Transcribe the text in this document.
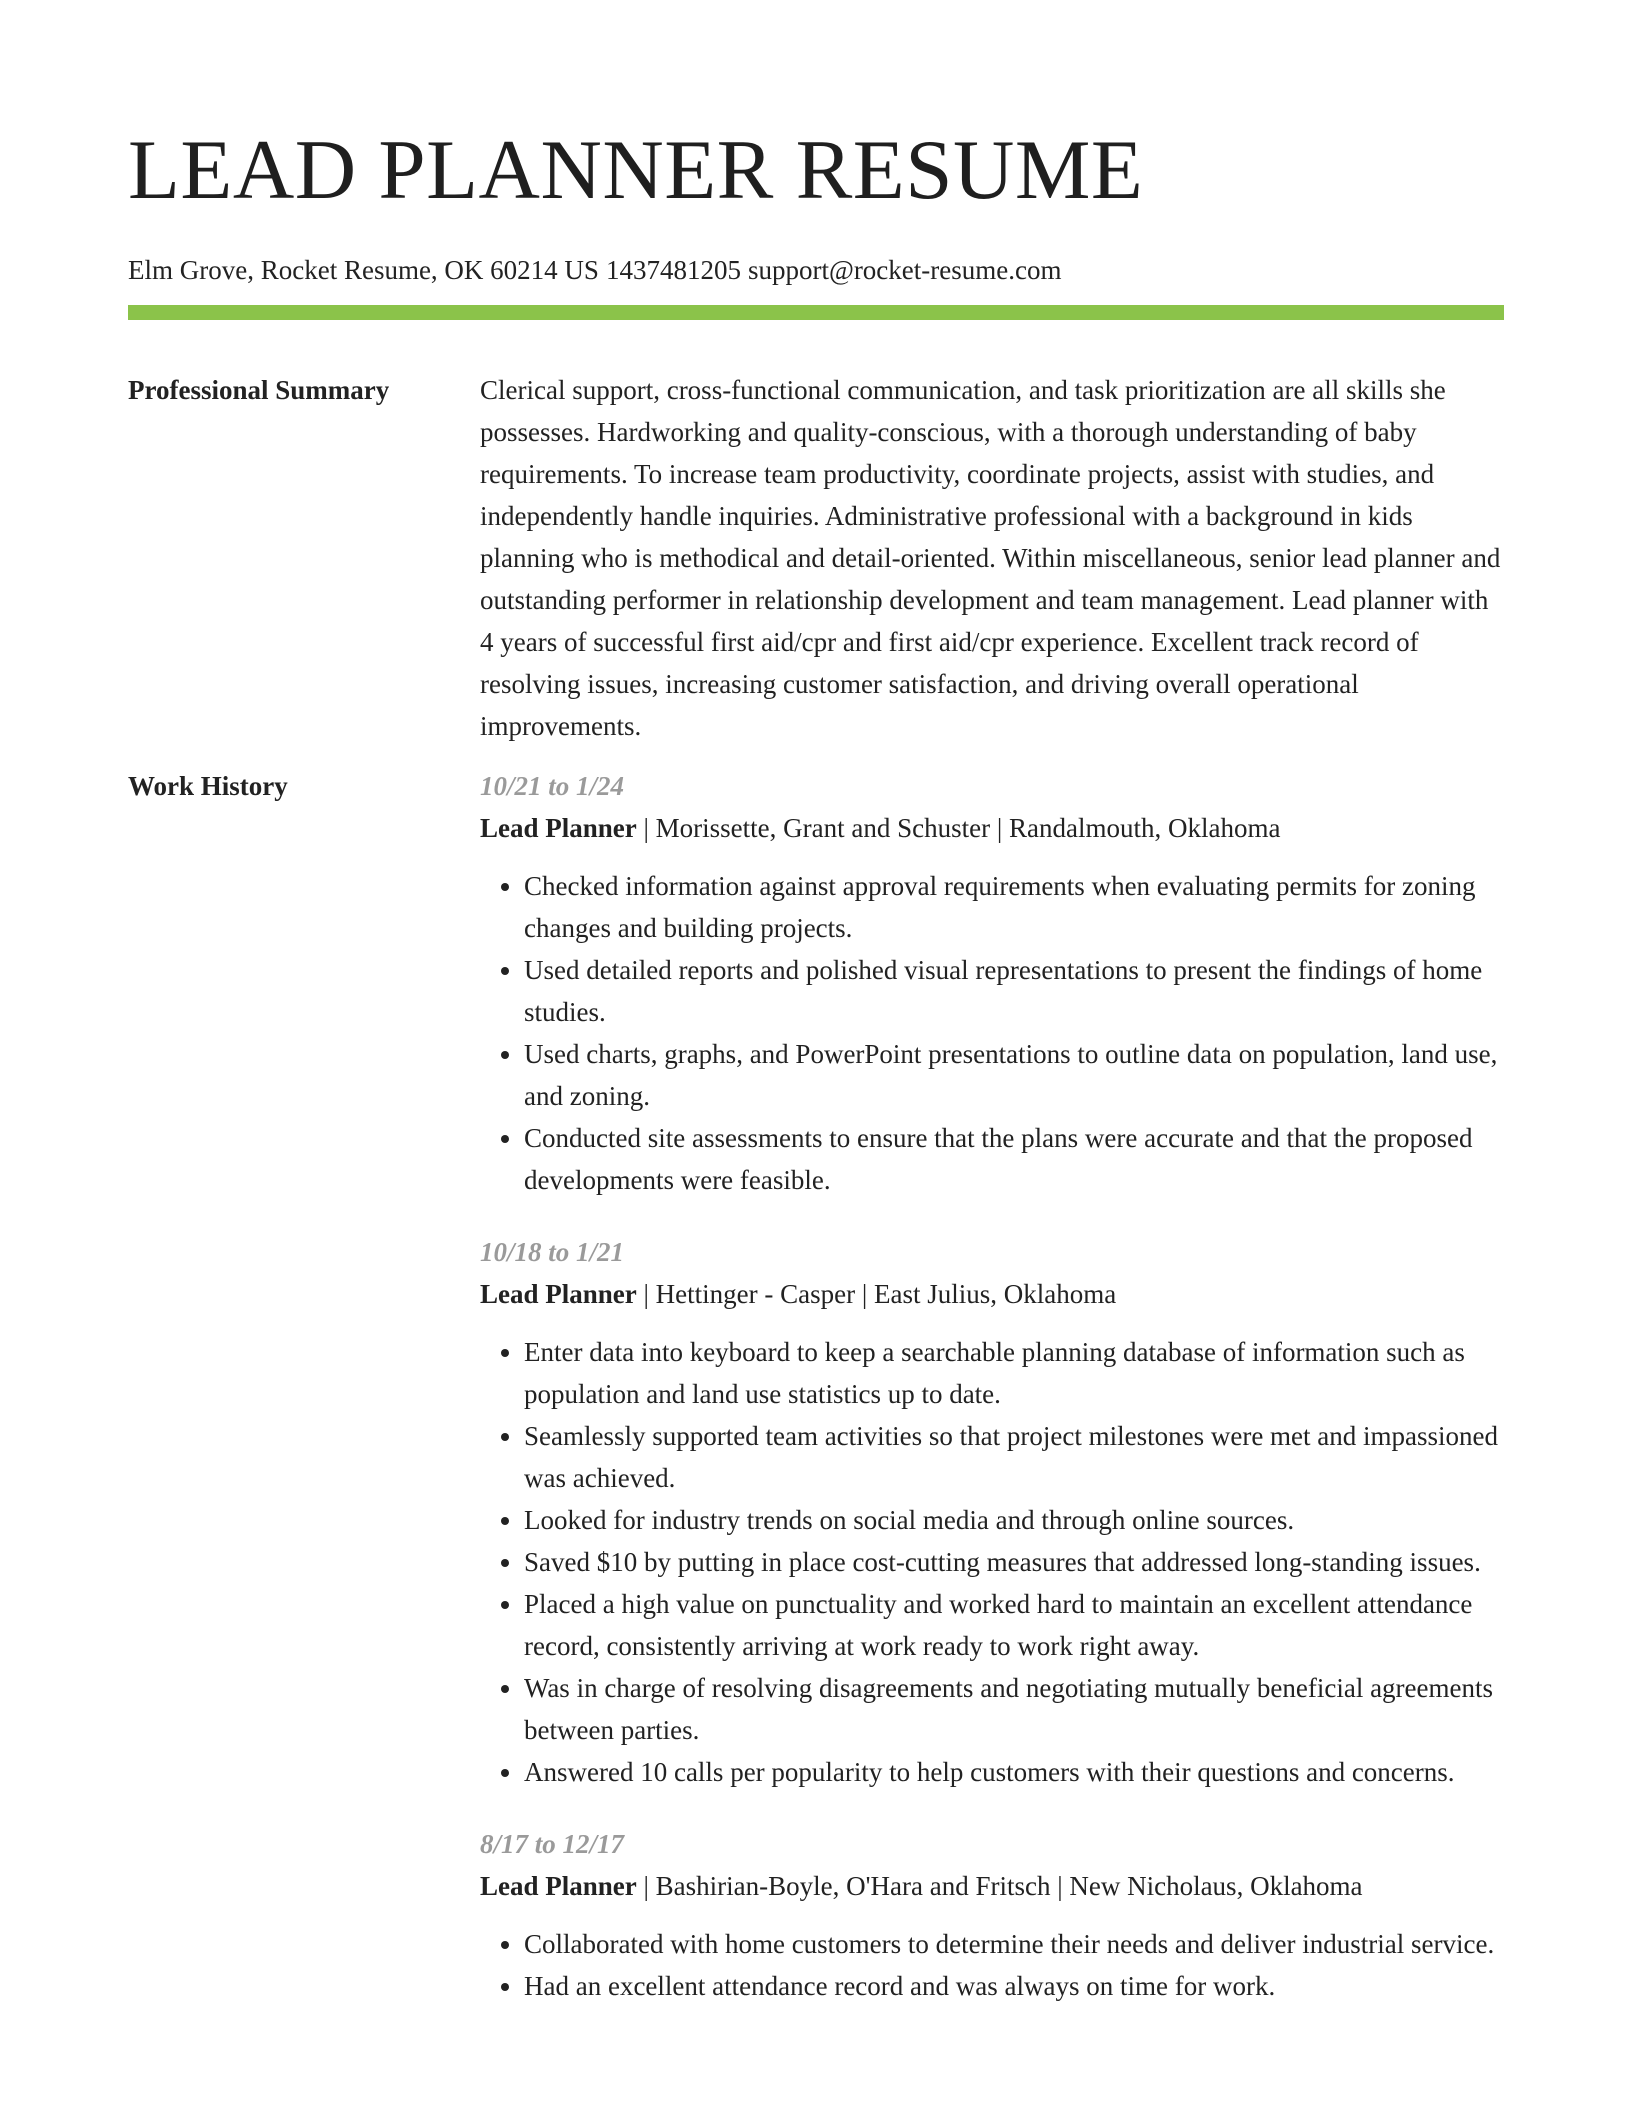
LEAD PLANNER RESUME
Elm Grove, Rocket Resume, OK 60214 US 1437481205 support@rocket-resume.com
Professional Summary	Clerical support, cross-functional communication, and task prioritization are all skills she possesses. Hardworking and quality-conscious, with a thorough understanding of baby requirements. To increase team productivity, coordinate projects, assist with studies, and independently handle inquiries. Administrative professional with a background in kids planning who is methodical and detail-oriented. Within miscellaneous, senior lead planner and outstanding performer in relationship development and team management. Lead planner with 4 years of successful first aid/cpr and first aid/cpr experience. Excellent track record of resolving issues, increasing customer satisfaction, and driving overall operational improvements.

Work History	10/21 to 1/24

Lead Planner | Morissette, Grant and Schuster | Randalmouth, Oklahoma

• Checked information against approval requirements when evaluating permits for zoning changes and building projects.
• Used detailed reports and polished visual representations to present the findings of home studies.
• Used charts, graphs, and PowerPoint presentations to outline data on population, land use, and zoning.
• Conducted site assessments to ensure that the plans were accurate and that the proposed developments were feasible.
10/18 to 1/21

Lead Planner | Hettinger - Casper | East Julius, Oklahoma

• Enter data into keyboard to keep a searchable planning database of information such as population and land use statistics up to date.
• Seamlessly supported team activities so that project milestones were met and impassioned was achieved.
• Looked for industry trends on social media and through online sources.
• Saved $10 by putting in place cost-cutting measures that addressed long-standing issues.
• Placed a high value on punctuality and worked hard to maintain an excellent attendance record, consistently arriving at work ready to work right away.
• Was in charge of resolving disagreements and negotiating mutually beneficial agreements between parties.
• Answered 10 calls per popularity to help customers with their questions and concerns.
8/17 to 12/17

Lead Planner | Bashirian-Boyle, O'Hara and Fritsch | New Nicholaus, Oklahoma

• Collaborated with home customers to determine their needs and deliver industrial service.
• Had an excellent attendance record and was always on time for work.
